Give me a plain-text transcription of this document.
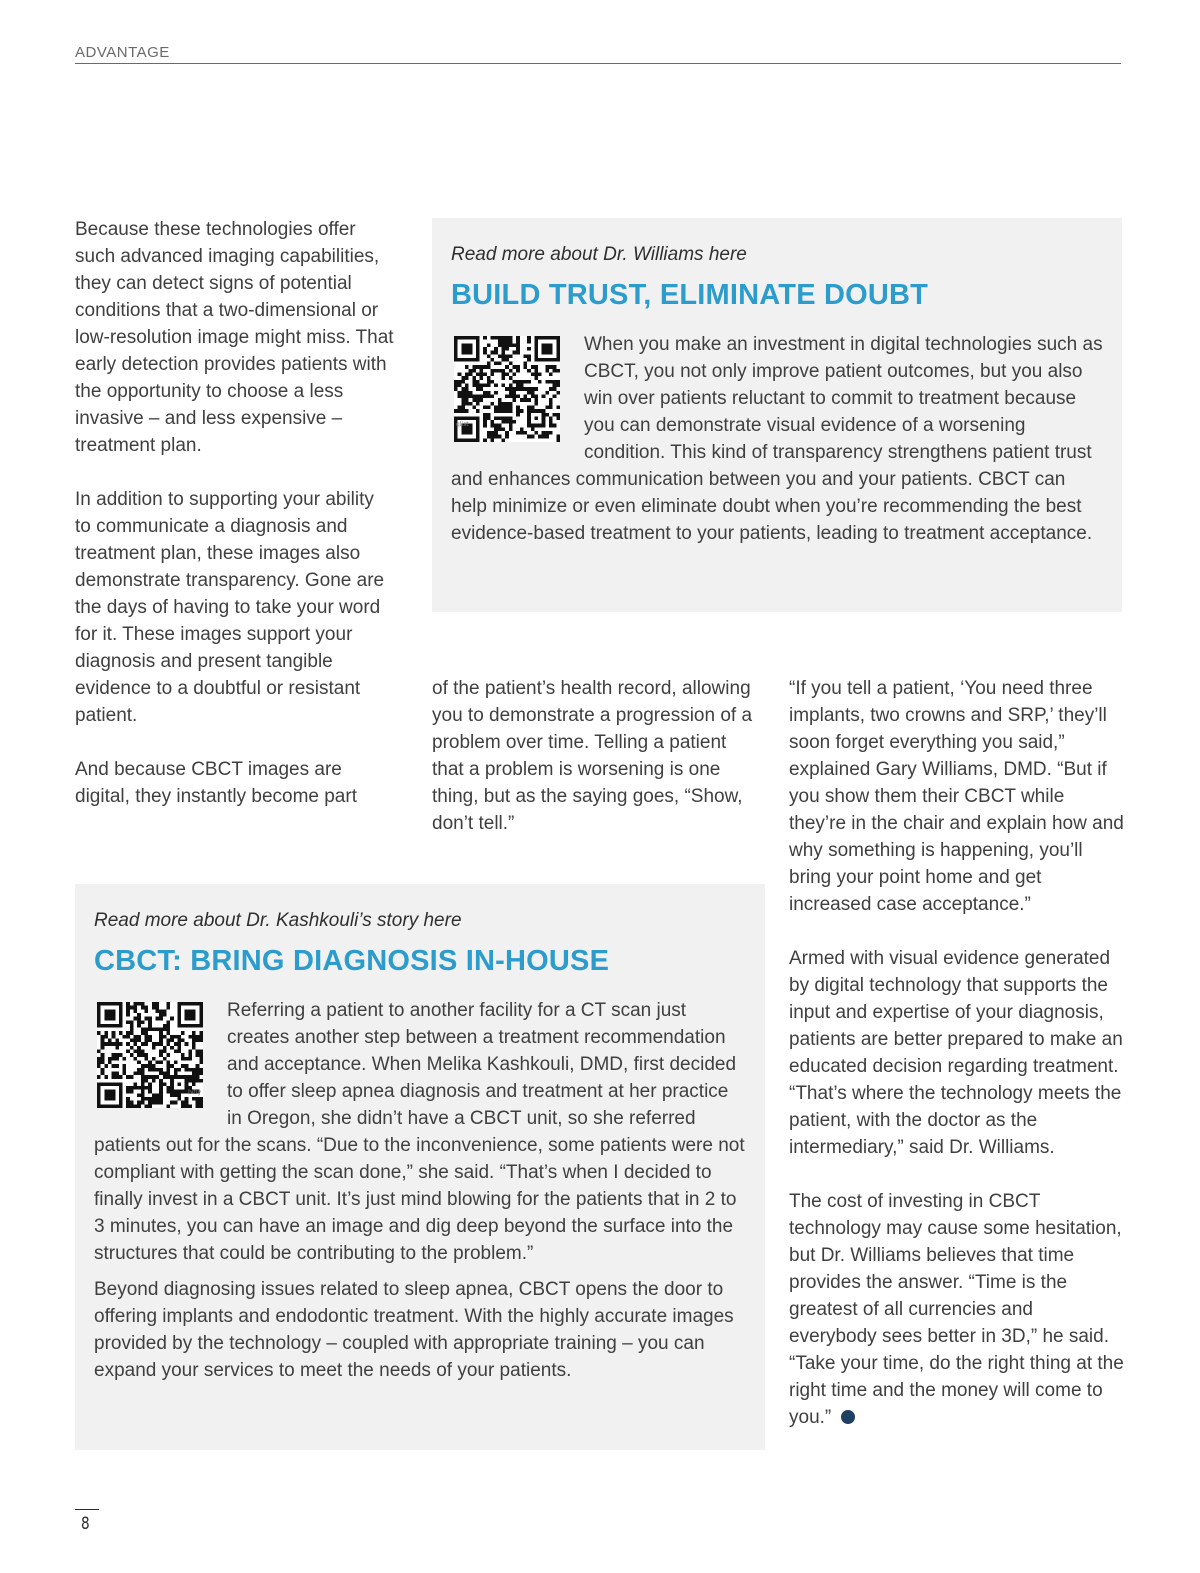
ADVANTAGE

Because these technologies offer such advanced imaging capabilities, they can detect signs of potential conditions that a two-dimensional or low-resolution image might miss. That early detection provides patients with the opportunity to choose a less invasive – and less expensive – treatment plan.

In addition to supporting your ability to communicate a diagnosis and treatment plan, these images also demonstrate transparency. Gone are the days of having to take your word for it. These images support your diagnosis and present tangible evidence to a doubtful or resistant patient.

And because CBCT images are digital, they instantly become part

Read more about Dr. Williams here

BUILD TRUST, ELIMINATE DOUBT
qlist

When you make an investment in digital technologies such as CBCT, you not only improve patient outcomes, but you also win over patients reluctant to commit to treatment because you can demonstrate visual evidence of a worsening condition. This kind of transparency strengthens patient trust and enhances communication between you and your patients. CBCT can help minimize or even eliminate doubt when you’re recommending the best evidence-based treatment to your patients, leading to treatment acceptance.

of the patient’s health record, allowing you to demonstrate a progression of a problem over time. Telling a patient that a problem is worsening is one thing, but as the saying goes, “Show, don’t tell.”

“If you tell a patient, ‘You need three implants, two crowns and SRP,’ they’ll soon forget everything you said,” explained Gary Williams, DMD. “But if you show them their CBCT while they’re in the chair and explain how and why something is happening, you’ll bring your point home and get increased case acceptance.”

Armed with visual evidence generated by digital technology that supports the input and expertise of your diagnosis, patients are better prepared to make an educated decision regarding treatment. “That’s where the technology meets the patient, with the doctor as the intermediary,” said Dr. Williams.

The cost of investing in CBCT technology may cause some hesitation, but Dr. Williams believes that time provides the answer. “Time is the greatest of all currencies and everybody sees better in 3D,” he said. “Take your time, do the right thing at the right time and the money will come to you.”

Read more about Dr. Kashkouli’s story here

CBCT: BRING DIAGNOSIS IN-HOUSE
bitly

Referring a patient to another facility for a CT scan just creates another step between a treatment recommendation and acceptance. When Melika Kashkouli, DMD, first decided to offer sleep apnea diagnosis and treatment at her practice in Oregon, she didn’t have a CBCT unit, so she referred patients out for the scans. “Due to the inconvenience, some patients were not compliant with getting the scan done,” she said. “That’s when I decided to finally invest in a CBCT unit. It’s just mind blowing for the patients that in 2 to 3 minutes, you can have an image and dig deep beyond the surface into the structures that could be contributing to the problem.”

Beyond diagnosing issues related to sleep apnea, CBCT opens the door to offering implants and endodontic treatment. With the highly accurate images provided by the technology – coupled with appropriate training – you can expand your services to meet the needs of your patients.

8
